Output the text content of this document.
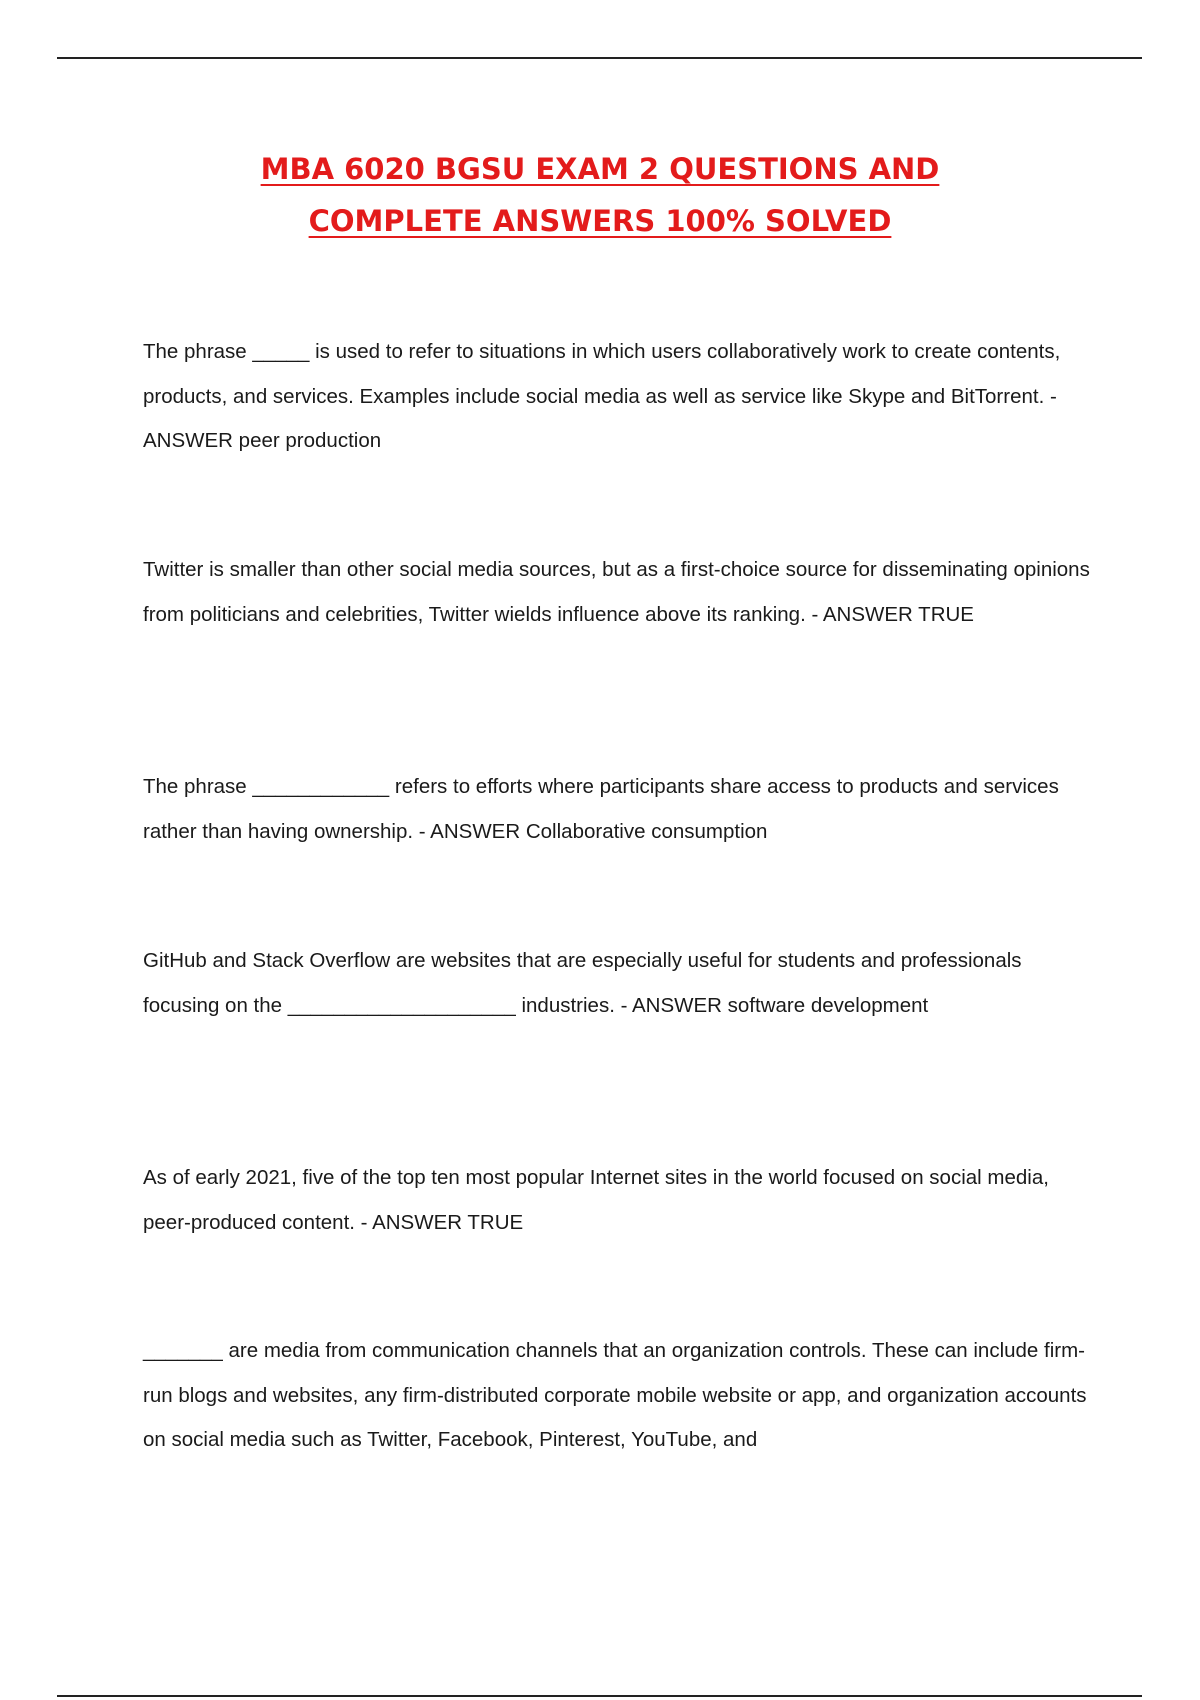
MBA 6020 BGSU EXAM 2 QUESTIONS AND
COMPLETE ANSWERS 100% SOLVED

The phrase _____ is used to refer to situations in which users collaboratively work to create contents, products, and services. Examples include social media as well as service like Skype and BitTorrent. - ANSWER peer production

Twitter is smaller than other social media sources, but as a first-choice source for disseminating opinions from politicians and celebrities, Twitter wields influence above its ranking. - ANSWER TRUE

The phrase ____________ refers to efforts where participants share access to products and services rather than having ownership. - ANSWER Collaborative consumption

GitHub and Stack Overflow are websites that are especially useful for students and professionals focusing on the ____________________ industries. - ANSWER software development

As of early 2021, five of the top ten most popular Internet sites in the world focused on social media, peer-produced content. - ANSWER TRUE

_______ are media from communication channels that an organization controls. These can include firm-run blogs and websites, any firm-distributed corporate mobile website or app, and organization accounts on social media such as Twitter, Facebook, Pinterest, YouTube, and
